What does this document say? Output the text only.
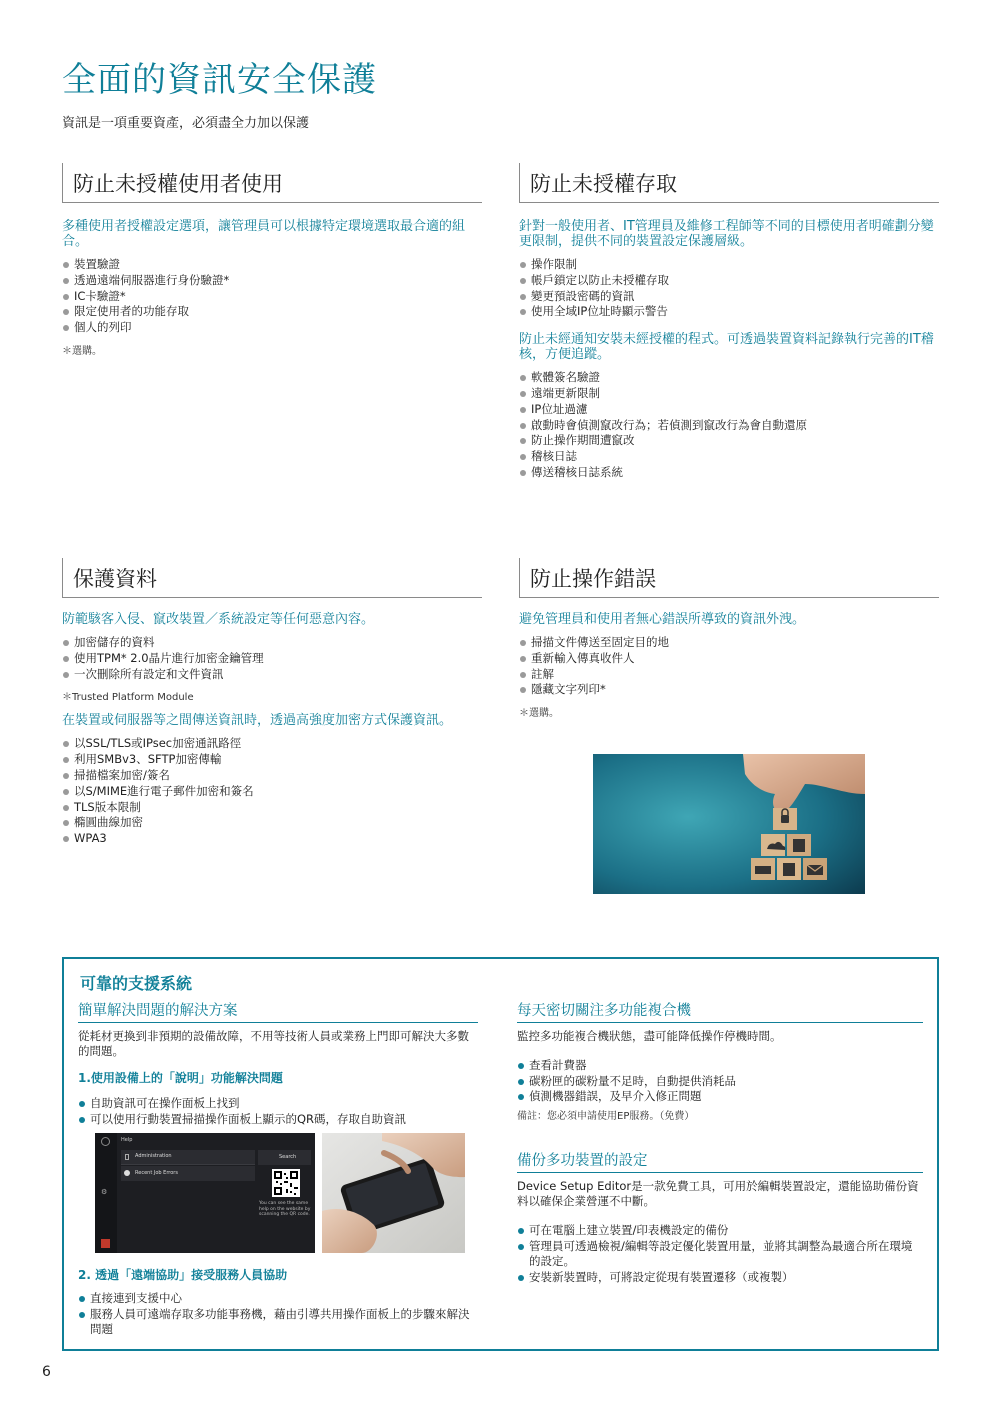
全面的資訊安全保護

資訊是一項重要資產，必須盡全力加以保護

防止未授權使用者使用

多種使用者授權設定選項，讓管理員可以根據特定環境選取最合適的組合。

裝置驗證
透過遠端伺服器進行身份驗證*
IC卡驗證*
限定使用者的功能存取
個人的列印

＊選購。

防止未授權存取

針對一般使用者、IT管理員及維修工程師等不同的目標使用者明確劃分變更限制，提供不同的裝置設定保護層級。

操作限制
帳戶鎖定以防止未授權存取
變更預設密碼的資訊
使用全域IP位址時顯示警告

防止未經通知安裝未經授權的程式。可透過裝置資料記錄執行完善的IT稽核，方便追蹤。

軟體簽名驗證
遠端更新限制
IP位址過濾
啟動時會偵測竄改行為；若偵測到竄改行為會自動還原
防止操作期間遭竄改
稽核日誌
傳送稽核日誌系統
保護資料

防範駭客入侵、竄改裝置／系統設定等任何惡意內容。

加密儲存的資料
使用TPM* 2.0晶片進行加密金鑰管理
一次刪除所有設定和文件資訊

＊Trusted Platform Module

在裝置或伺服器等之間傳送資訊時，透過高強度加密方式保護資訊。

以SSL/TLS或IPsec加密通訊路徑
利用SMBv3、SFTP加密傳輸
掃描檔案加密/簽名
以S/MIME進行電子郵件加密和簽名
TLS版本限制
橢圓曲線加密
WPA3
防止操作錯誤

避免管理員和使用者無心錯誤所導致的資訊外洩。

掃描文件傳送至固定目的地
重新輸入傳真收件人
註解
隱藏文字列印*

＊選購。

可靠的支援系統
簡單解決問題的解決方案

從耗材更換到非預期的設備故障，不用等技術人員或業務上門即可解決大多數的問題。

1.使用設備上的「說明」功能解決問題

自助資訊可在操作面板上找到
可以使用行動裝置掃描操作面板上顯示的QR碼，存取自助資訊

2. 透過「遠端協助」接受服務人員協助

直接連到支援中心
服務人員可遠端存取多功能事務機，藉由引導共用操作面板上的步驟來解決問題
每天密切關注多功能複合機

監控多功能複合機狀態，盡可能降低操作停機時間。

查看計費器
碳粉匣的碳粉量不足時，自動提供消耗品
偵測機器錯誤，及早介入修正問題

備註：您必須申請使用EP服務。（免費）

備份多功裝置的設定

Device Setup Editor是一款免費工具，可用於編輯裝置設定，還能協助備份資料以確保企業營運不中斷。

可在電腦上建立裝置/印表機設定的備份
管理員可透過檢視/編輯等設定優化裝置用量，並將其調整為最適合所在環境的設定。
安裝新裝置時，可將設定從現有裝置遷移（或複製）
⚙
Help
Administration
Recent Job Errors
Search
You can see the same help on the website by scanning the QR code.
6
